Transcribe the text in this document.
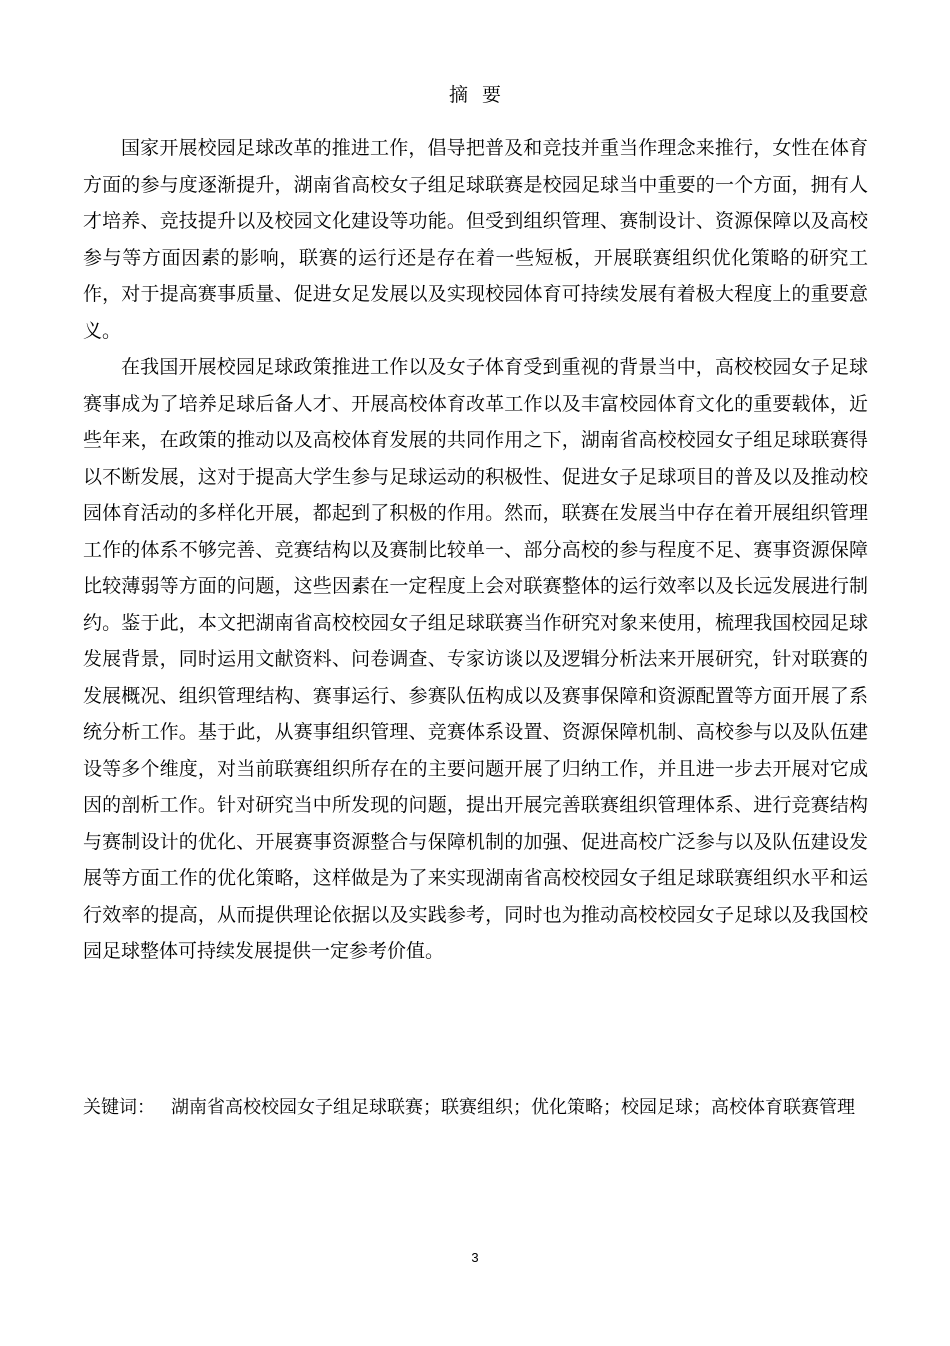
摘要

国家开展校园足球改革的推进工作，倡导把普及和竞技并重当作理念来推行，女性在体育方面的参与度逐渐提升，湖南省高校女子组足球联赛是校园足球当中重要的一个方面，拥有人才培养、竞技提升以及校园文化建设等功能。但受到组织管理、赛制设计、资源保障以及高校参与等方面因素的影响，联赛的运行还是存在着一些短板，开展联赛组织优化策略的研究工作，对于提高赛事质量、促进女足发展以及实现校园体育可持续发展有着极大程度上的重要意义。

在我国开展校园足球政策推进工作以及女子体育受到重视的背景当中，高校校园女子足球赛事成为了培养足球后备人才、开展高校体育改革工作以及丰富校园体育文化的重要载体，近些年来，在政策的推动以及高校体育发展的共同作用之下，湖南省高校校园女子组足球联赛得以不断发展，这对于提高大学生参与足球运动的积极性、促进女子足球项目的普及以及推动校园体育活动的多样化开展，都起到了积极的作用。然而，联赛在发展当中存在着开展组织管理工作的体系不够完善、竞赛结构以及赛制比较单一、部分高校的参与程度不足、赛事资源保障比较薄弱等方面的问题，这些因素在一定程度上会对联赛整体的运行效率以及长远发展进行制约。鉴于此，本文把湖南省高校校园女子组足球联赛当作研究对象来使用，梳理我国校园足球发展背景，同时运用文献资料、问卷调查、专家访谈以及逻辑分析法来开展研究，针对联赛的发展概况、组织管理结构、赛事运行、参赛队伍构成以及赛事保障和资源配置等方面开展了系统分析工作。基于此，从赛事组织管理、竞赛体系设置、资源保障机制、高校参与以及队伍建设等多个维度，对当前联赛组织所存在的主要问题开展了归纳工作，并且进一步去开展对它成因的剖析工作。针对研究当中所发现的问题，提出开展完善联赛组织管理体系、进行竞赛结构与赛制设计的优化、开展赛事资源整合与保障机制的加强、促进高校广泛参与以及队伍建设发展等方面工作的优化策略，这样做是为了来实现湖南省高校校园女子组足球联赛组织水平和运行效率的提高，从而提供理论依据以及实践参考，同时也为推动高校校园女子足球以及我国校园足球整体可持续发展提供一定参考价值。

关键词： 湖南省高校校园女子组足球联赛；联赛组织；优化策略；校园足球；高校体育联赛管理
3
